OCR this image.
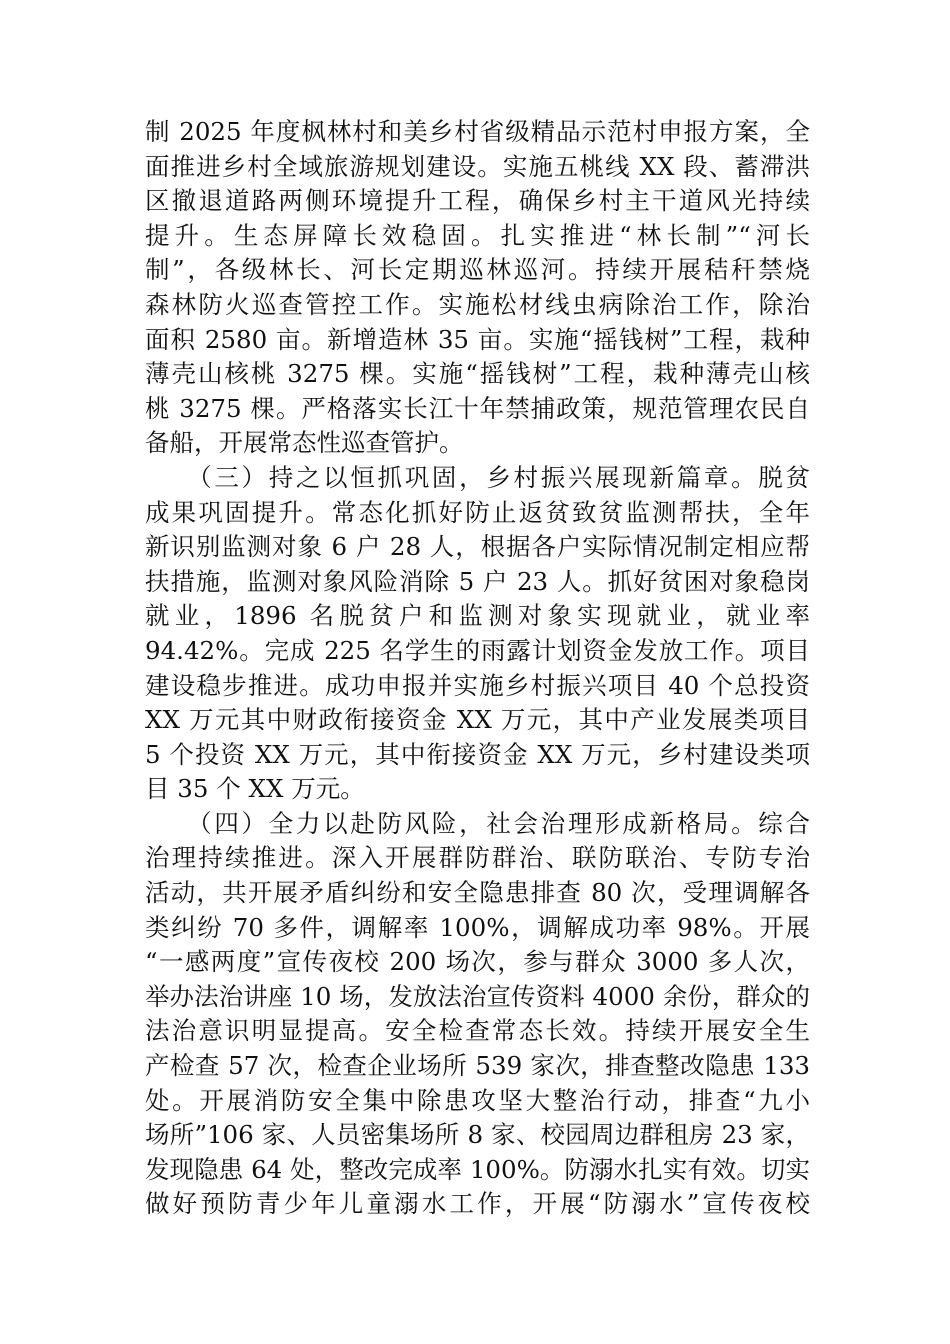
制 2025 年度枫林村和美乡村省级精品示范村申报方案，全
面推进乡村全域旅游规划建设。实施五桃线 XX 段、蓄滞洪
区撤退道路两侧环境提升工程，确保乡村主干道风光持续
提升。生态屏障长效稳固。扎实推进“林长制”“河长
制”，各级林长、河长定期巡林巡河。持续开展秸秆禁烧
森林防火巡查管控工作。实施松材线虫病除治工作，除治
面积 2580 亩。新增造林 35 亩。实施“摇钱树”工程，栽种
薄壳山核桃 3275 棵。实施“摇钱树”工程，栽种薄壳山核
桃 3275 棵。严格落实长江十年禁捕政策，规范管理农民自
备船，开展常态性巡查管护。
　　（三）持之以恒抓巩固，乡村振兴展现新篇章。脱贫
成果巩固提升。常态化抓好防止返贫致贫监测帮扶，全年
新识别监测对象 6 户 28 人，根据各户实际情况制定相应帮
扶措施，监测对象风险消除 5 户 23 人。抓好贫困对象稳岗
就业，1896 名脱贫户和监测对象实现就业，就业率
94.42%。完成 225 名学生的雨露计划资金发放工作。项目
建设稳步推进。成功申报并实施乡村振兴项目 40 个总投资
XX 万元其中财政衔接资金 XX 万元，其中产业发展类项目
5 个投资 XX 万元，其中衔接资金 XX 万元，乡村建设类项
目 35 个 XX 万元。
　　（四）全力以赴防风险，社会治理形成新格局。综合
治理持续推进。深入开展群防群治、联防联治、专防专治
活动，共开展矛盾纠纷和安全隐患排查 80 次，受理调解各
类纠纷 70 多件，调解率 100%，调解成功率 98%。开展
“一感两度”宣传夜校 200 场次，参与群众 3000 多人次，
举办法治讲座 10 场，发放法治宣传资料 4000 余份，群众的
法治意识明显提高。安全检查常态长效。持续开展安全生
产检查 57 次，检查企业场所 539 家次，排查整改隐患 133
处。开展消防安全集中除患攻坚大整治行动，排查“九小
场所”106 家、人员密集场所 8 家、校园周边群租房 23 家，
发现隐患 64 处，整改完成率 100%。防溺水扎实有效。切实
做好预防青少年儿童溺水工作，开展“防溺水”宣传夜校
